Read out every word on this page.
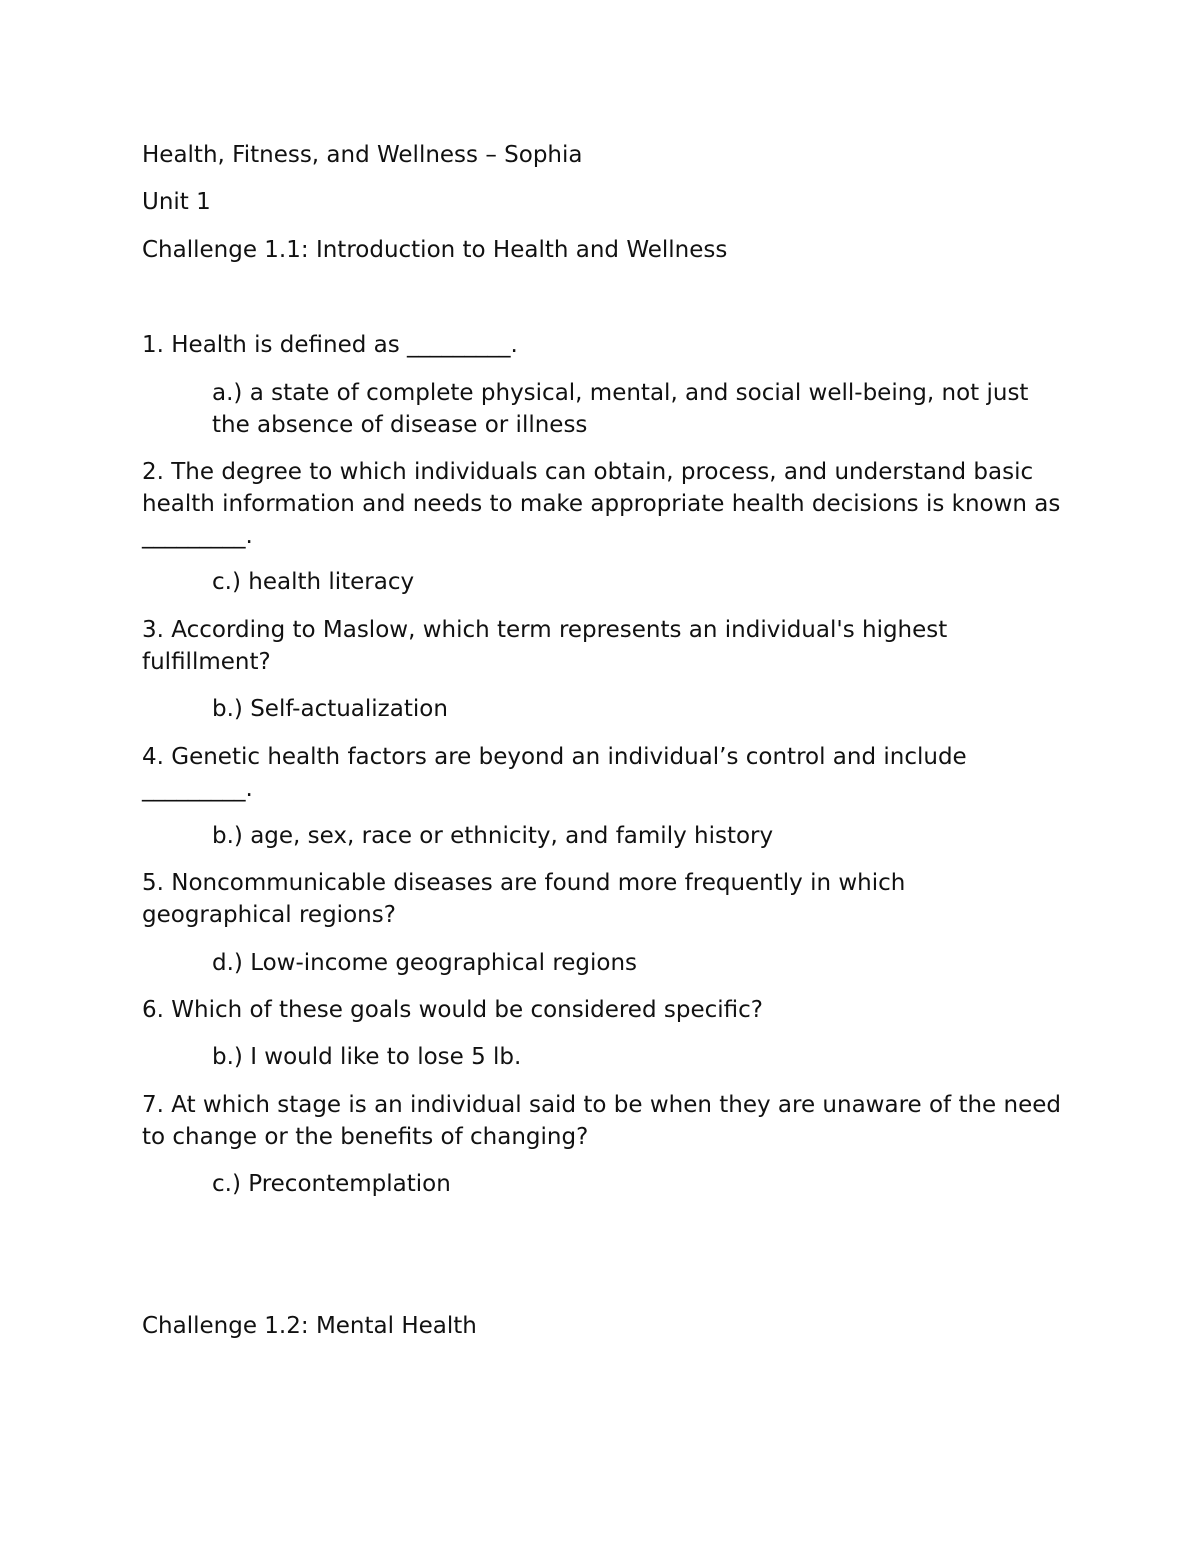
Health, Fitness, and Wellness – Sophia

Unit 1

Challenge 1.1: Introduction to Health and Wellness

1. Health is defined as _________.

a.) a state of complete physical, mental, and social well-being, not just the absence of disease or illness

2. The degree to which individuals can obtain, process, and understand basic health information and needs to make appropriate health decisions is known as _________.

c.) health literacy

3. According to Maslow, which term represents an individual's highest fulfillment?

b.) Self-actualization

4. Genetic health factors are beyond an individual’s control and include _________.

b.) age, sex, race or ethnicity, and family history

5. Noncommunicable diseases are found more frequently in which geographical regions?

d.) Low-income geographical regions

6. Which of these goals would be considered specific?

b.) I would like to lose 5 lb.

7. At which stage is an individual said to be when they are unaware of the need to change or the benefits of changing?

c.) Precontemplation

Challenge 1.2: Mental Health
